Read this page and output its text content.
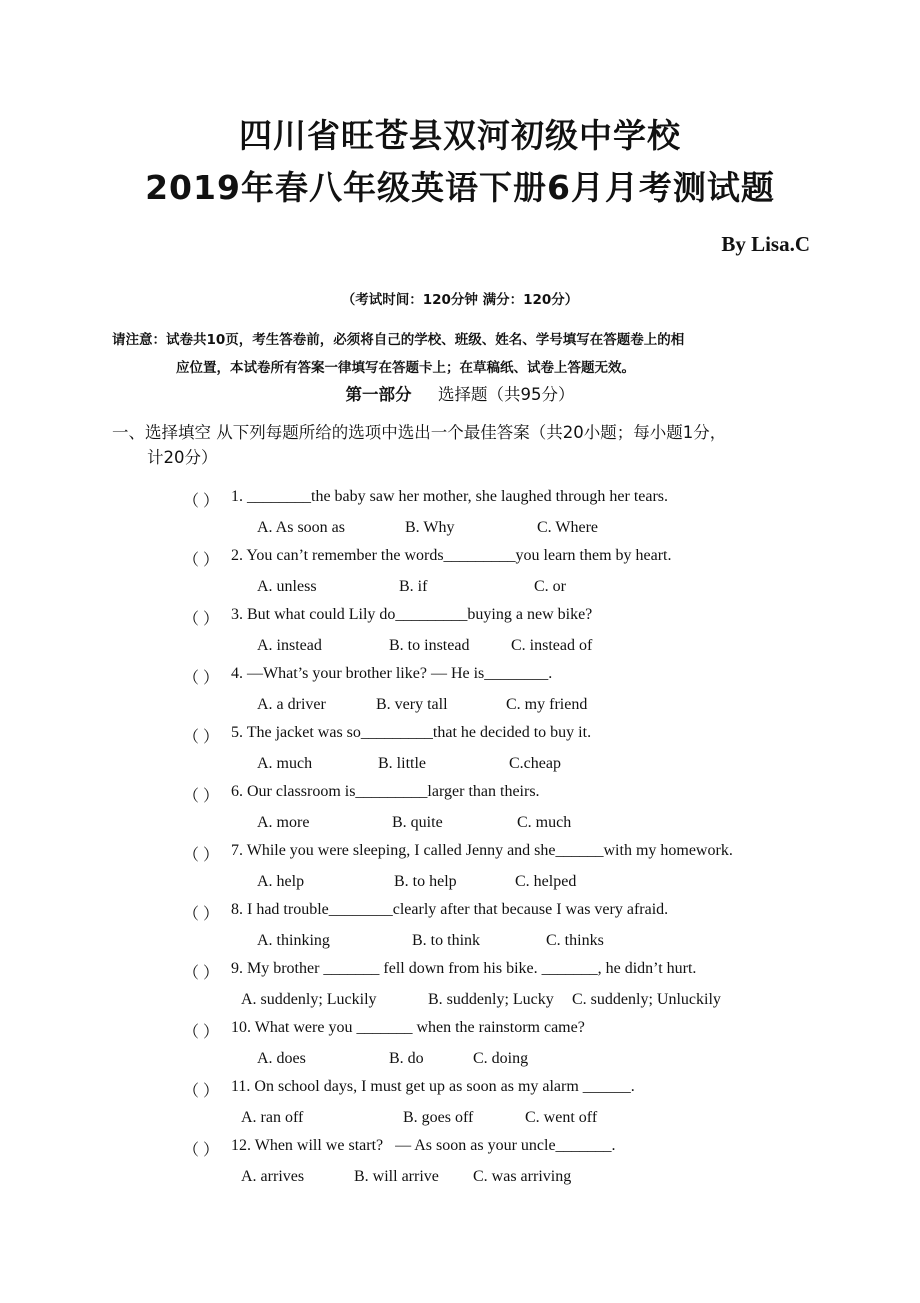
四川省旺苍县双河初级中学校
2019年春八年级英语下册6月月考测试题
By Lisa.C
（考试时间：120分钟 满分：120分）
请注意：试卷共10页，考生答卷前，必须将自己的学校、班级、姓名、学号填写在答题卷上的相
应位置，本试卷所有答案一律填写在答题卡上；在草稿纸、试卷上答题无效。
第一部分 选择题（共95分）
一、选择填空 从下列每题所给的选项中选出一个最佳答案（共20小题；每小题1分，
计20分）
（ ） 1. ________the baby saw her mother, she laughed through her tears.
A. As soon as	B. Why	C. Where
（ ） 2. You can’t remember the words_________you learn them by heart.
A. unless	B. if	C. or
（ ） 3. But what could Lily do_________buying a new bike?
A. instead	B. to instead	C. instead of
（ ） 4. —What’s your brother like? — He is________.
A. a driver	B. very tall	C. my friend
（ ） 5. The jacket was so_________that he decided to buy it.
A. much	B. little	C.cheap
（ ） 6. Our classroom is_________larger than theirs.
A. more	B. quite	C. much
（ ） 7. While you were sleeping, I called Jenny and she______with my homework.
A. help	B. to help	C. helped
（ ） 8. I had trouble________clearly after that because I was very afraid.
A. thinking	B. to think	C. thinks
（ ） 9. My brother _______ fell down from his bike. _______, he didn’t hurt.
A. suddenly; Luckily	B. suddenly; Lucky C. suddenly; Unluckily
（ ） 10. What were you _______ when the rainstorm came?
A. does	B. do	C. doing
（ ） 11. On school days, I must get up as soon as my alarm ______.
A. ran off	B. goes off	C. went off
（ ） 12. When will we start?   — As soon as your uncle_______.
A. arrives	B. will arrive C. was arriving
